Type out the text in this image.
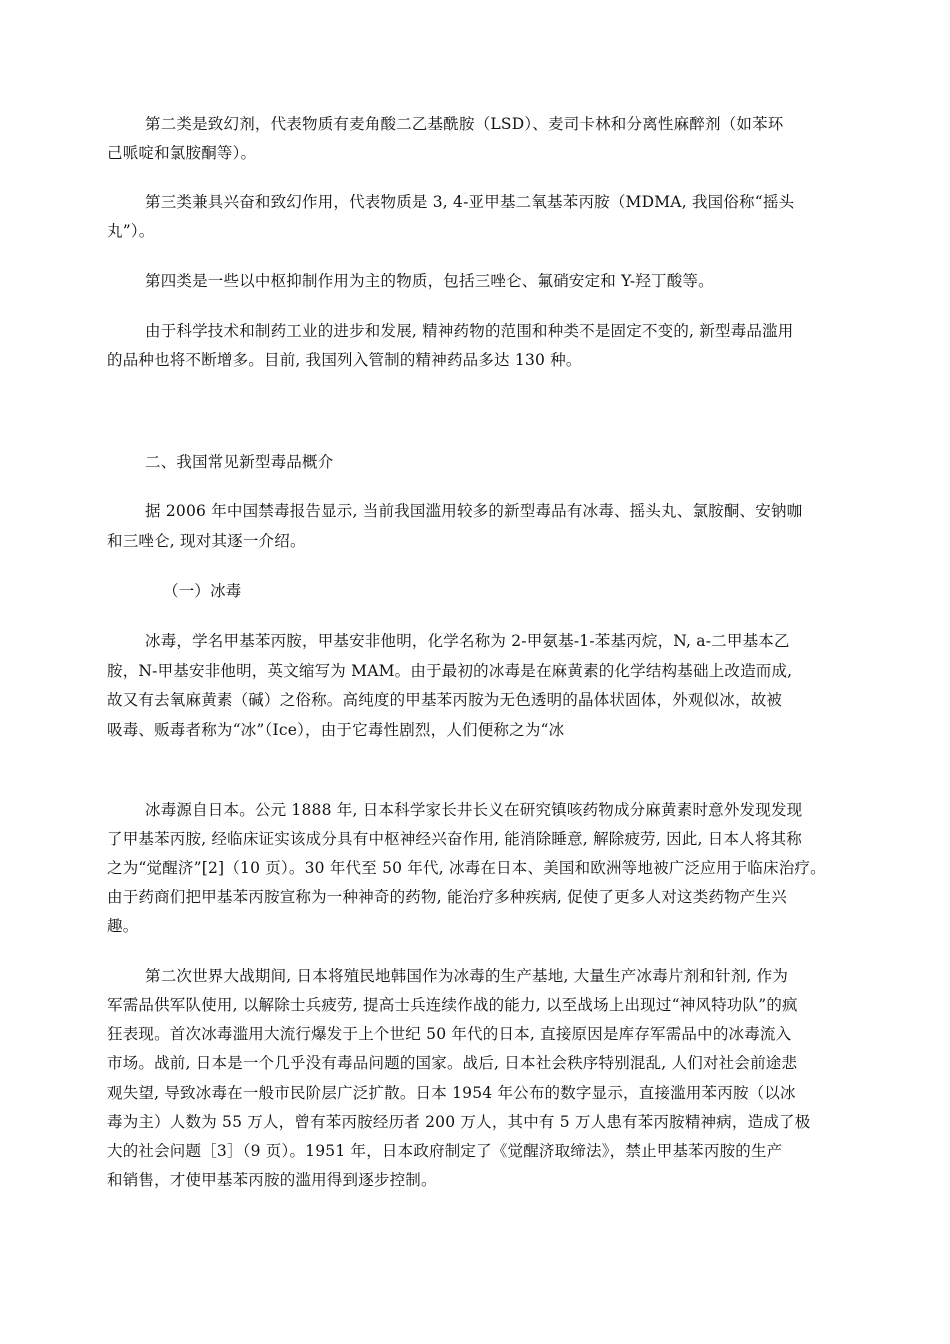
第二类是致幻剂，代表物质有麦角酸二乙基酰胺（LSD）、麦司卡林和分离性麻醉剂（如苯环
己哌啶和氯胺酮等）。
第三类兼具兴奋和致幻作用，代表物质是 3, 4-亚甲基二氧基苯丙胺（MDMA, 我国俗称“摇头
丸”）。
第四类是一些以中枢抑制作用为主的物质，包括三唑仑、氟硝安定和 Y-羟丁酸等。
由于科学技术和制药工业的进步和发展, 精神药物的范围和种类不是固定不变的, 新型毒品滥用
的品种也将不断增多。目前, 我国列入管制的精神药品多达 130 种。
二、我国常见新型毒品概介
据 2006 年中国禁毒报告显示, 当前我国滥用较多的新型毒品有冰毒、摇头丸、氯胺酮、安钠咖
和三唑仑, 现对其逐一介绍。
（一）冰毒
冰毒，学名甲基苯丙胺，甲基安非他明，化学名称为 2-甲氨基-1-苯基丙烷，N, a-二甲基本乙
胺，N-甲基安非他明，英文缩写为 MAM。由于最初的冰毒是在麻黄素的化学结构基础上改造而成,
故又有去氧麻黄素（碱）之俗称。高纯度的甲基苯丙胺为无色透明的晶体状固体，外观似冰，故被
吸毒、贩毒者称为“冰”（Ice），由于它毒性剧烈，人们便称之为“冰
冰毒源自日本。公元 1888 年, 日本科学家长井长义在研究镇咳药物成分麻黄素时意外发现发现
了甲基苯丙胺, 经临床证实该成分具有中枢神经兴奋作用, 能消除睡意, 解除疲劳, 因此, 日本人将其称
之为“觉醒济”[2]（10 页）。30 年代至 50 年代, 冰毒在日本、美国和欧洲等地被广泛应用于临床治疗。
由于药商们把甲基苯丙胺宣称为一种神奇的药物, 能治疗多种疾病, 促使了更多人对这类药物产生兴
趣。
第二次世界大战期间, 日本将殖民地韩国作为冰毒的生产基地, 大量生产冰毒片剂和针剂, 作为
军需品供军队使用, 以解除士兵疲劳, 提高士兵连续作战的能力, 以至战场上出现过“神风特功队”的疯
狂表现。首次冰毒滥用大流行爆发于上个世纪 50 年代的日本, 直接原因是库存军需品中的冰毒流入
市场。战前, 日本是一个几乎没有毒品问题的国家。战后, 日本社会秩序特别混乱, 人们对社会前途悲
观失望, 导致冰毒在一般市民阶层广泛扩散。日本 1954 年公布的数字显示，直接滥用苯丙胺（以冰
毒为主）人数为 55 万人，曾有苯丙胺经历者 200 万人，其中有 5 万人患有苯丙胺精神病，造成了极
大的社会问题［3］（9 页）。1951 年，日本政府制定了《觉醒济取缔法》，禁止甲基苯丙胺的生产
和销售，才使甲基苯丙胺的滥用得到逐步控制。
